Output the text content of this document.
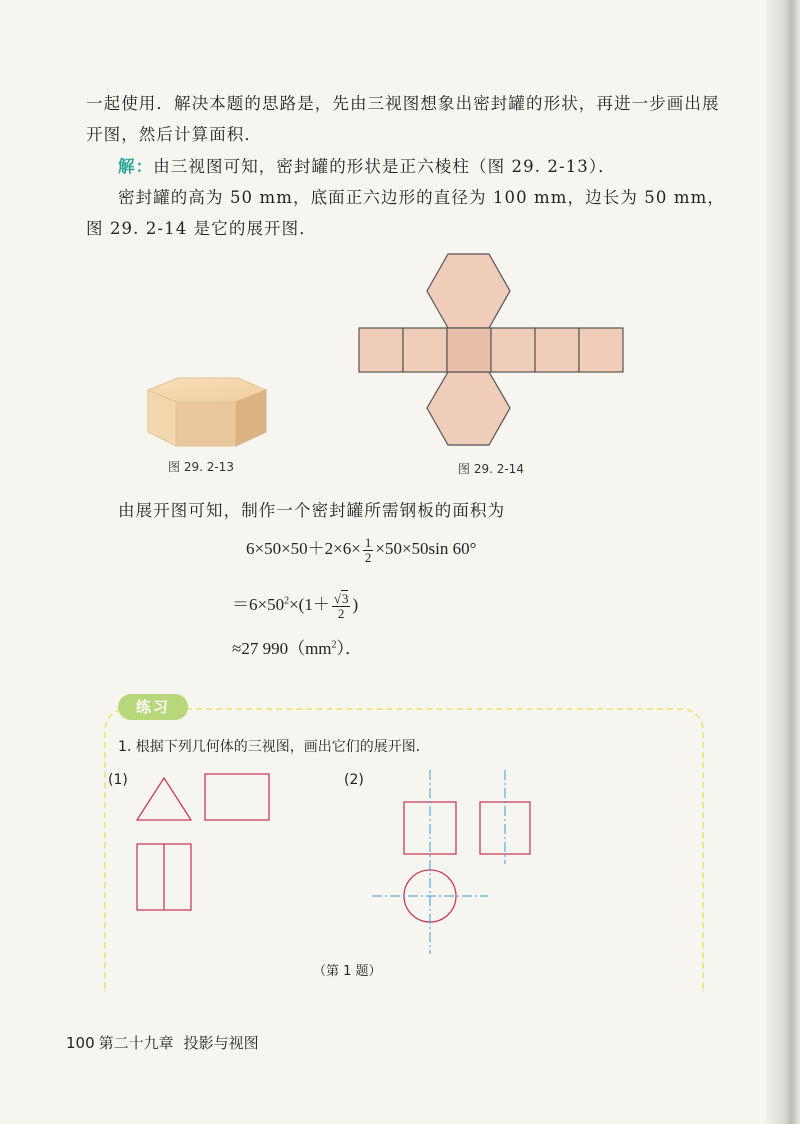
一起使用．解决本题的思路是，先由三视图想象出密封罐的形状，再进一步画出展开图，然后计算面积．
解：由三视图可知，密封罐的形状是正六棱柱（图 29. 2-13）．
密封罐的高为 50 mm，底面正六边形的直径为 100 mm，边长为 50 mm，图 29. 2-14 是它的展开图．
图 29. 2-13	图 29. 2-14
由展开图可知，制作一个密封罐所需钢板的面积为
$6\times 50\times 50+2\times 6\times \frac{1}{2} \times 50\times 50\sin$ 60°
$=6\times 50^2\times(1+ \frac{√3}{2}$ )
≈27 $990(mm^2)$．
练习
1. 根据下列几何体的三视图，画出它们的展开图．
(1)	(2)
（第 1 题）
100 第二十九章 投影与视图
